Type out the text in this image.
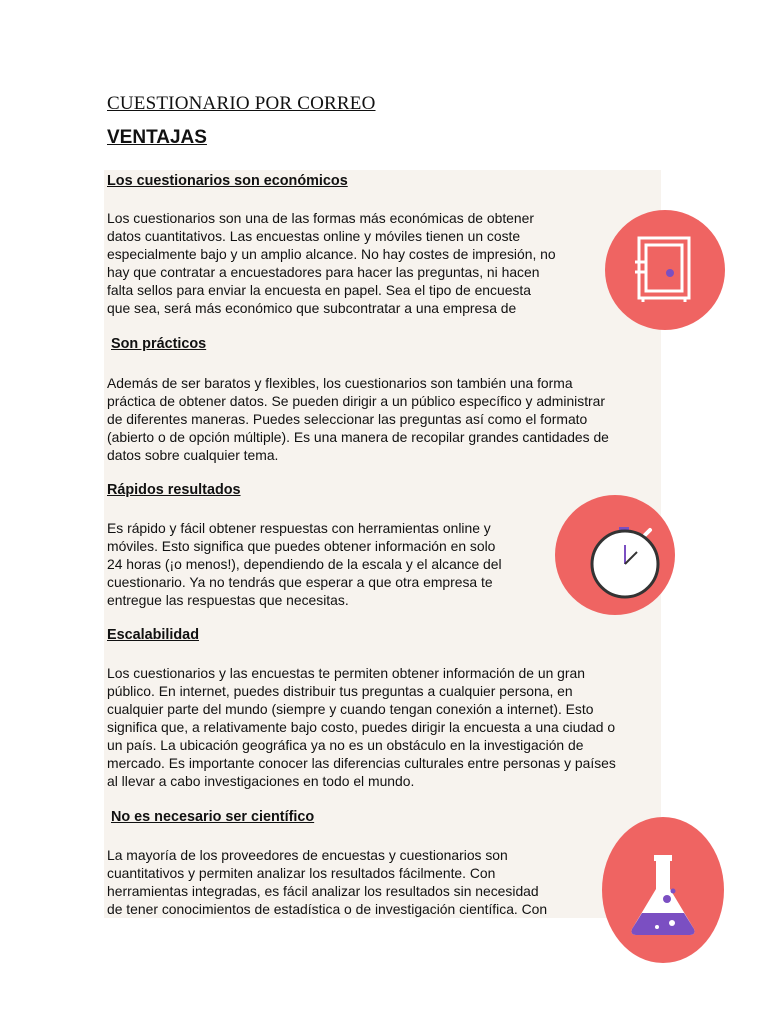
CUESTIONARIO POR CORREO
VENTAJAS
Los cuestionarios son económicos
Los cuestionarios son una de las formas más económicas de obtener
datos cuantitativos. Las encuestas online y móviles tienen un coste
especialmente bajo y un amplio alcance. No hay costes de impresión, no
hay que contratar a encuestadores para hacer las preguntas, ni hacen
falta sellos para enviar la encuesta en papel. Sea el tipo de encuesta
que sea, será más económico que subcontratar a una empresa de
Son prácticos
Además de ser baratos y flexibles, los cuestionarios son también una forma
práctica de obtener datos. Se pueden dirigir a un público específico y administrar
de diferentes maneras. Puedes seleccionar las preguntas así como el formato
(abierto o de opción múltiple). Es una manera de recopilar grandes cantidades de
datos sobre cualquier tema.
Rápidos resultados
Es rápido y fácil obtener respuestas con herramientas online y
móviles. Esto significa que puedes obtener información en solo
24 horas (¡o menos!), dependiendo de la escala y el alcance del
cuestionario. Ya no tendrás que esperar a que otra empresa te
entregue las respuestas que necesitas.
Escalabilidad
Los cuestionarios y las encuestas te permiten obtener información de un gran
público. En internet, puedes distribuir tus preguntas a cualquier persona, en
cualquier parte del mundo (siempre y cuando tengan conexión a internet). Esto
significa que, a relativamente bajo costo, puedes dirigir la encuesta a una ciudad o
un país. La ubicación geográfica ya no es un obstáculo en la investigación de
mercado. Es importante conocer las diferencias culturales entre personas y países
al llevar a cabo investigaciones en todo el mundo.
No es necesario ser científico
La mayoría de los proveedores de encuestas y cuestionarios son
cuantitativos y permiten analizar los resultados fácilmente. Con
herramientas integradas, es fácil analizar los resultados sin necesidad
de tener conocimientos de estadística o de investigación científica. Con
